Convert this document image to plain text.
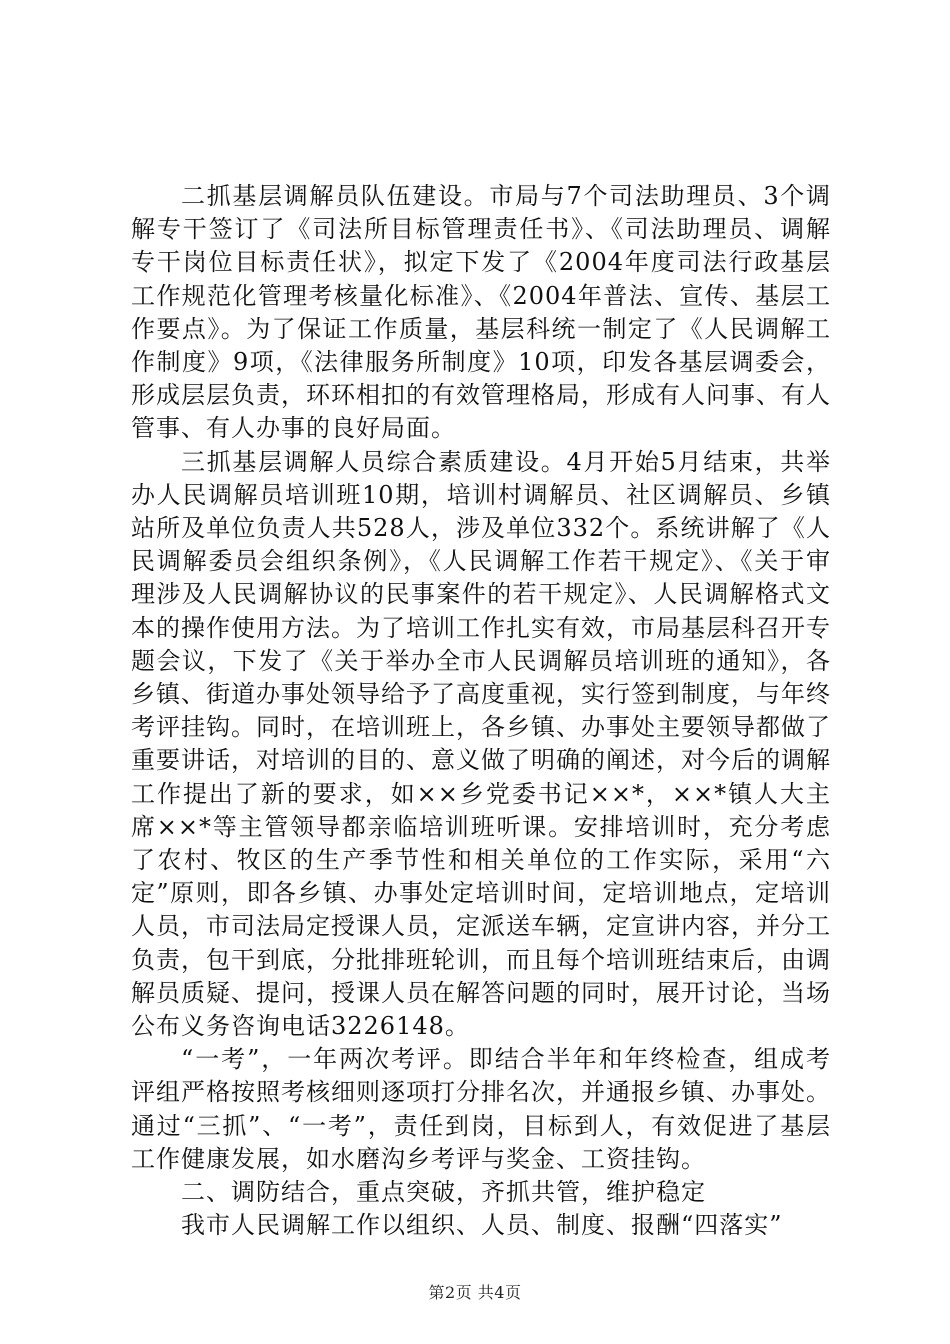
二抓基层调解员队伍建设。市局与7个司法助理员、3个调解专干签订了《司法所目标管理责任书》、《司法助理员、调解专干岗位目标责任状》，拟定下发了《2004年度司法行政基层工作规范化管理考核量化标准》、《2004年普法、宣传、基层工作要点》。为了保证工作质量，基层科统一制定了《人民调解工作制度》9项，《法律服务所制度》10项，印发各基层调委会，形成层层负责，环环相扣的有效管理格局，形成有人问事、有人管事、有人办事的良好局面。

三抓基层调解人员综合素质建设。4月开始5月结束，共举办人民调解员培训班10期，培训村调解员、社区调解员、乡镇站所及单位负责人共528人，涉及单位332个。系统讲解了《人民调解委员会组织条例》，《人民调解工作若干规定》、《关于审理涉及人民调解协议的民事案件的若干规定》、人民调解格式文本的操作使用方法。为了培训工作扎实有效，市局基层科召开专题会议，下发了《关于举办全市人民调解员培训班的通知》，各乡镇、街道办事处领导给予了高度重视，实行签到制度，与年终考评挂钩。同时，在培训班上，各乡镇、办事处主要领导都做了重要讲话，对培训的目的、意义做了明确的阐述，对今后的调解工作提出了新的要求，如××乡党委书记××*，××*镇人大主席××*等主管领导都亲临培训班听课。安排培训时，充分考虑了农村、牧区的生产季节性和相关单位的工作实际，采用“六定”原则，即各乡镇、办事处定培训时间，定培训地点，定培训人员，市司法局定授课人员，定派送车辆，定宣讲内容，并分工负责，包干到底，分批排班轮训，而且每个培训班结束后，由调解员质疑、提问，授课人员在解答问题的同时，展开讨论，当场公布义务咨询电话3226148。

“一考”，一年两次考评。即结合半年和年终检查，组成考评组严格按照考核细则逐项打分排名次，并通报乡镇、办事处。通过“三抓”、“一考”，责任到岗，目标到人，有效促进了基层工作健康发展，如水磨沟乡考评与奖金、工资挂钩。

二、调防结合，重点突破，齐抓共管，维护稳定

我市人民调解工作以组织、人员、制度、报酬“四落实”

第2页 共4页
